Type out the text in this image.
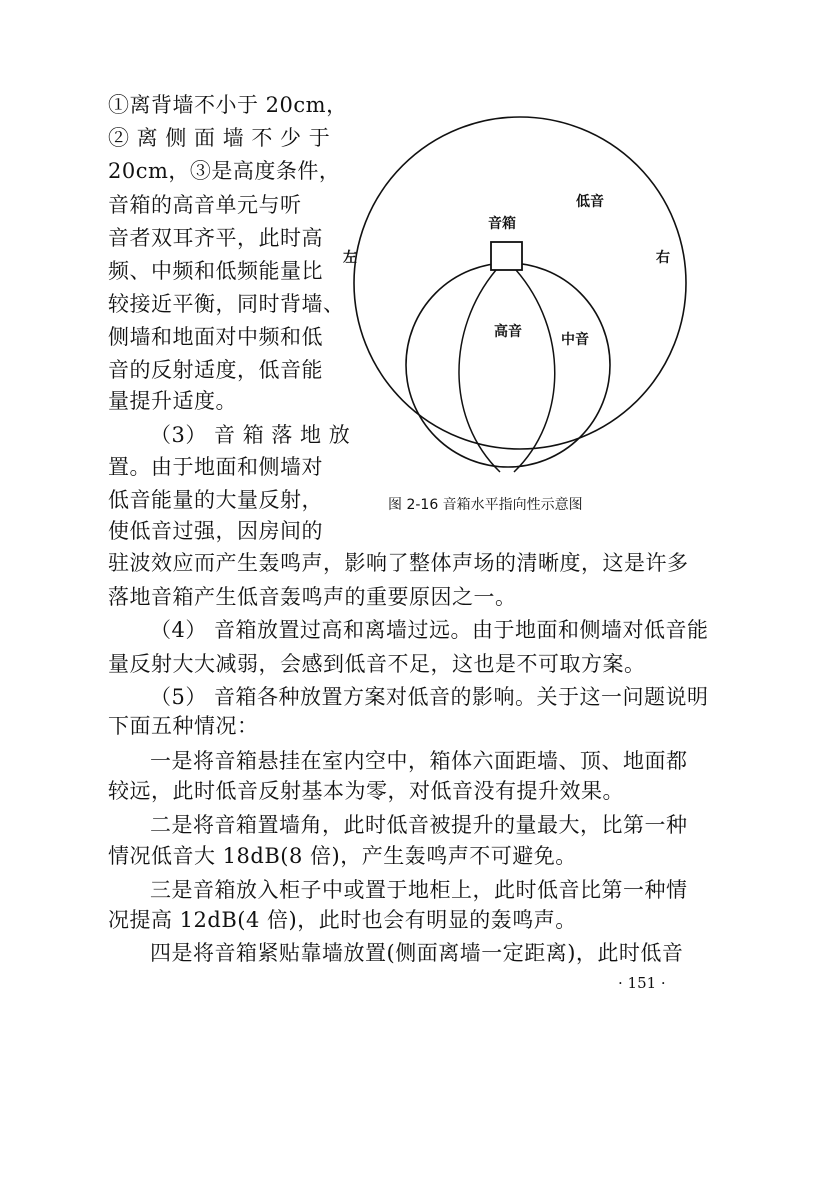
①离背墙不小于 20cm，
② 离 侧 面 墙 不 少 于
20cm，③是高度条件，
音箱的高音单元与听
音者双耳齐平，此时高
频、中频和低频能量比
较接近平衡，同时背墙、
侧墙和地面对中频和低
音的反射适度，低音能
量提升适度。
（3） 音 箱 落 地 放
置。由于地面和侧墙对
低音能量的大量反射，
使低音过强，因房间的
低音
音箱
左	右
高音	中音
图 2-16 音箱水平指向性示意图
驻波效应而产生轰鸣声，影响了整体声场的清晰度，这是许多
落地音箱产生低音轰鸣声的重要原因之一。
（4） 音箱放置过高和离墙过远。由于地面和侧墙对低音能
量反射大大减弱，会感到低音不足，这也是不可取方案。
（5） 音箱各种放置方案对低音的影响。关于这一问题说明
下面五种情况：
一是将音箱悬挂在室内空中，箱体六面距墙、顶、地面都
较远，此时低音反射基本为零，对低音没有提升效果。
二是将音箱置墙角，此时低音被提升的量最大，比第一种
情况低音大 18dB(8 倍)，产生轰鸣声不可避免。
三是音箱放入柜子中或置于地柜上，此时低音比第一种情
况提高 12dB(4 倍)，此时也会有明显的轰鸣声。
四是将音箱紧贴靠墙放置(侧面离墙一定距离)，此时低音
· 151 ·
